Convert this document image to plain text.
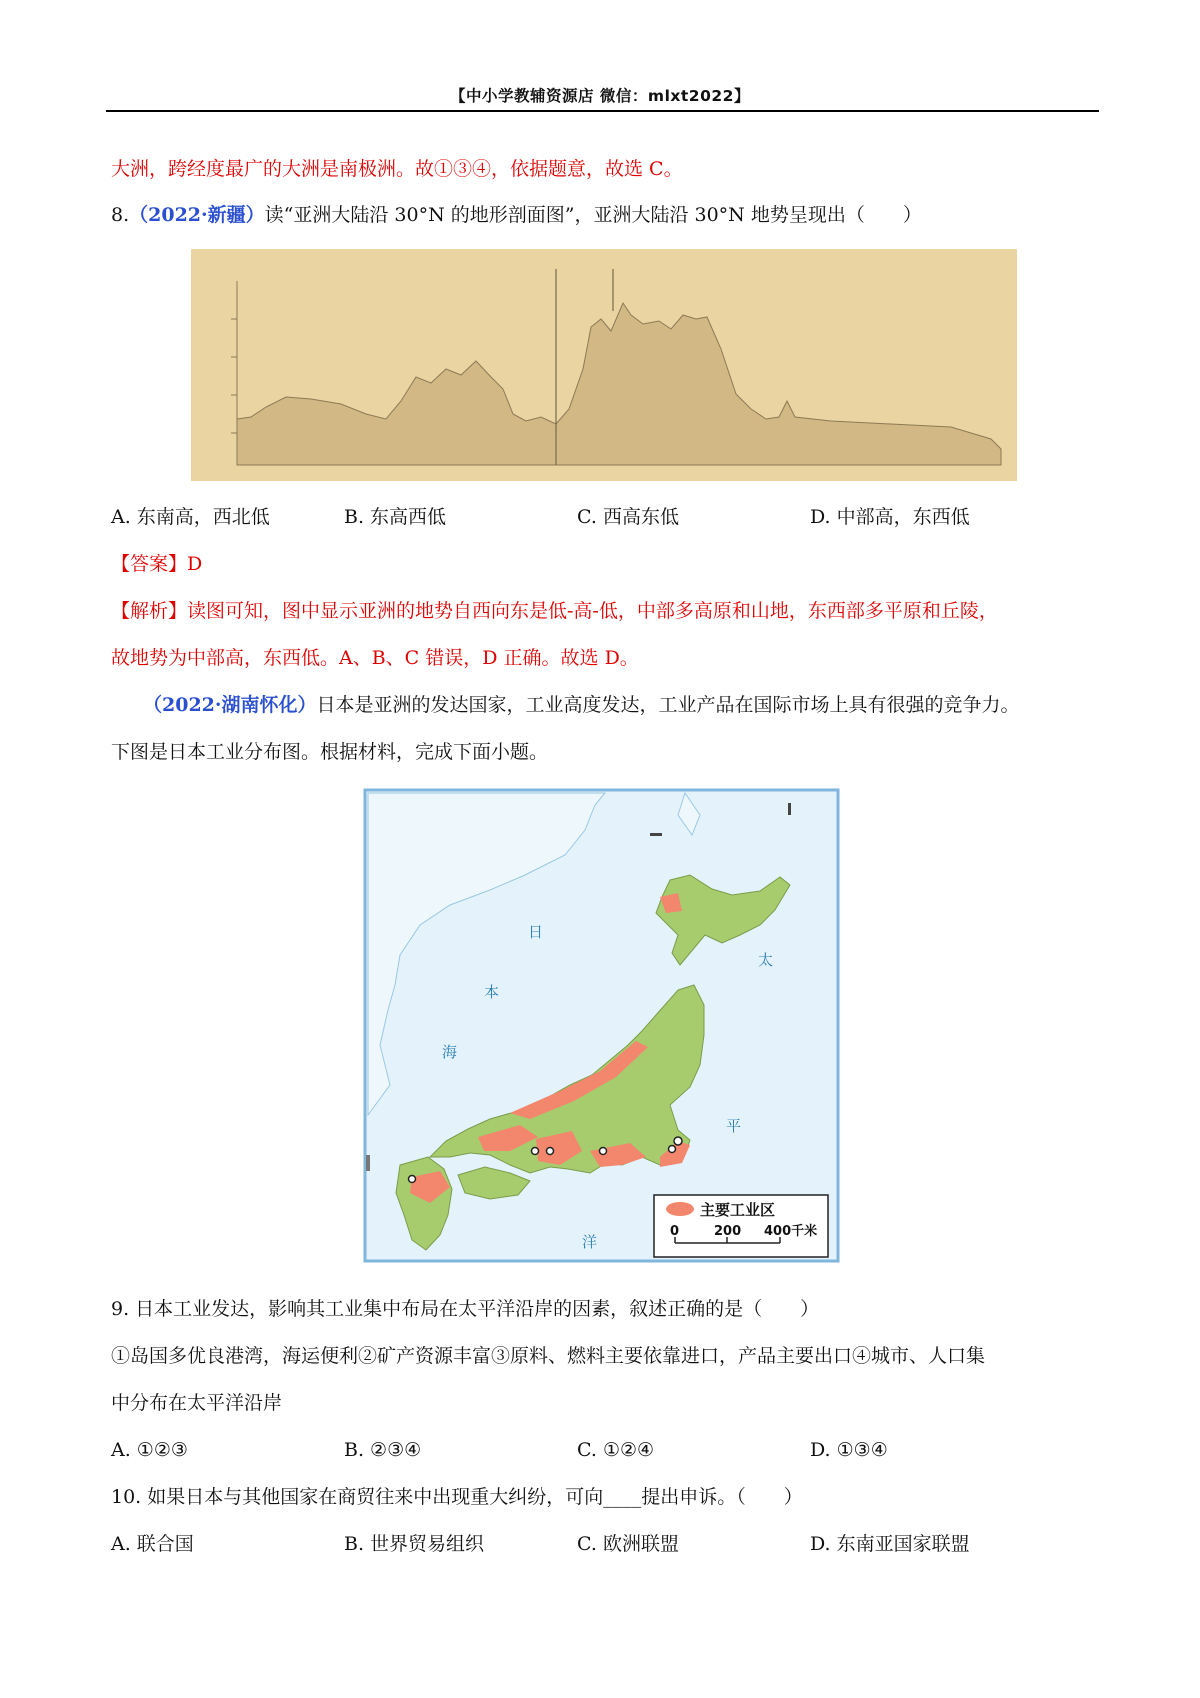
【中小学教辅资源店 微信：mlxt2022】
大洲，跨经度最广的大洲是南极洲。故①③④，依据题意，故选 C。
8.（2022·新疆）读“亚洲大陆沿 30°N 的地形剖面图”，亚洲大陆沿 30°N 地势呈现出（　　）
A. 东南高，西北低	B. 东高西低	C. 西高东低	D. 中部高，东西低
【答案】D
【解析】读图可知，图中显示亚洲的地势自西向东是低-高-低，中部多高原和山地，东西部多平原和丘陵，
故地势为中部高，东西低。A、B、C 错误，D 正确。故选 D。
（2022·湖南怀化）日本是亚洲的发达国家，工业高度发达，工业产品在国际市场上具有很强的竞争力。
下图是日本工业分布图。根据材料，完成下面小题。
日
本
海
太
平
洋
主要工业区
0	200 400千米
9. 日本工业发达，影响其工业集中布局在太平洋沿岸的因素，叙述正确的是（　　）
①岛国多优良港湾，海运便利②矿产资源丰富③原料、燃料主要依靠进口，产品主要出口④城市、人口集
中分布在太平洋沿岸
A. ①②③	B. ②③④	C. ①②④	D. ①③④
10. 如果日本与其他国家在商贸往来中出现重大纠纷，可向____提出申诉。（　　）
A. 联合国	B. 世界贸易组织	C. 欧洲联盟	D. 东南亚国家联盟
